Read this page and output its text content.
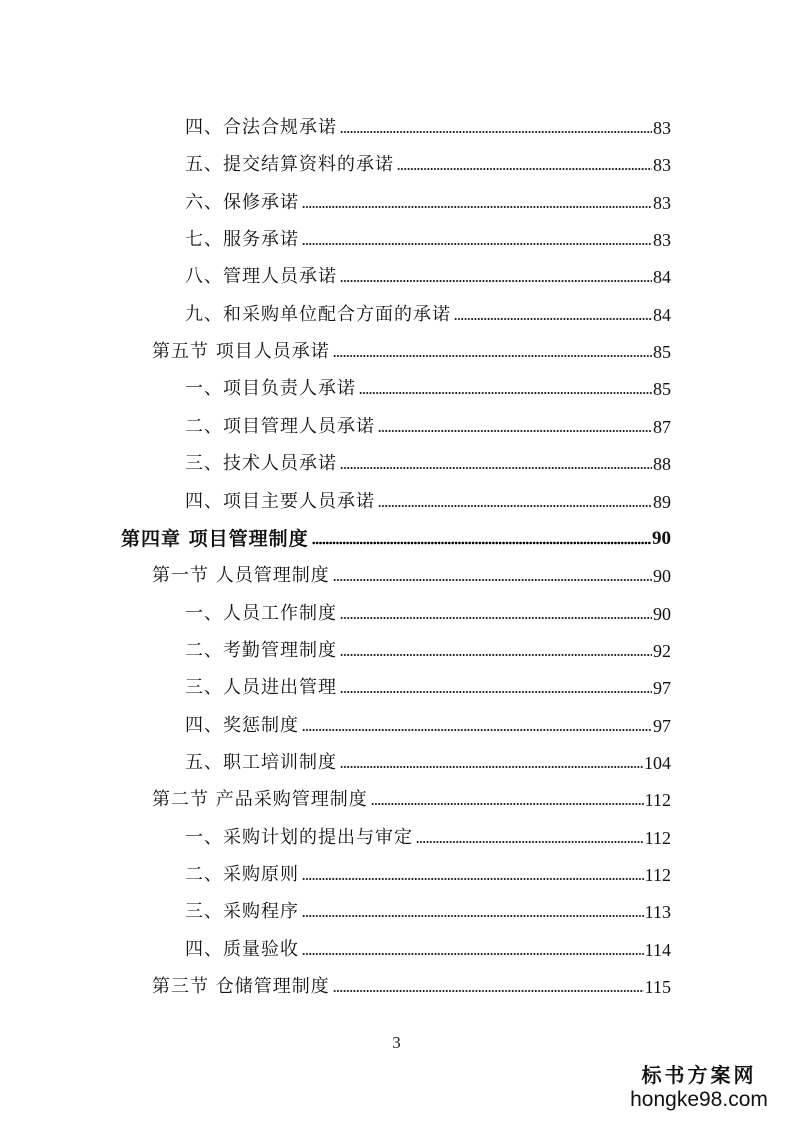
四、合法合规承诺	83
五、提交结算资料的承诺	83
六、保修承诺	83
七、服务承诺	83
八、管理人员承诺	84
九、和采购单位配合方面的承诺	84
第五节 项目人员承诺	85
一、项目负责人承诺	85
二、项目管理人员承诺	87
三、技术人员承诺	88
四、项目主要人员承诺	89
第四章 项目管理制度	90
第一节 人员管理制度	90
一、人员工作制度	90
二、考勤管理制度	92
三、人员进出管理	97
四、奖惩制度	97
五、职工培训制度	104
第二节 产品采购管理制度	112
一、采购计划的提出与审定	112
二、采购原则	112
三、采购程序	113
四、质量验收	114
第三节 仓储管理制度	115
3
标书方案网
hongke98.com
